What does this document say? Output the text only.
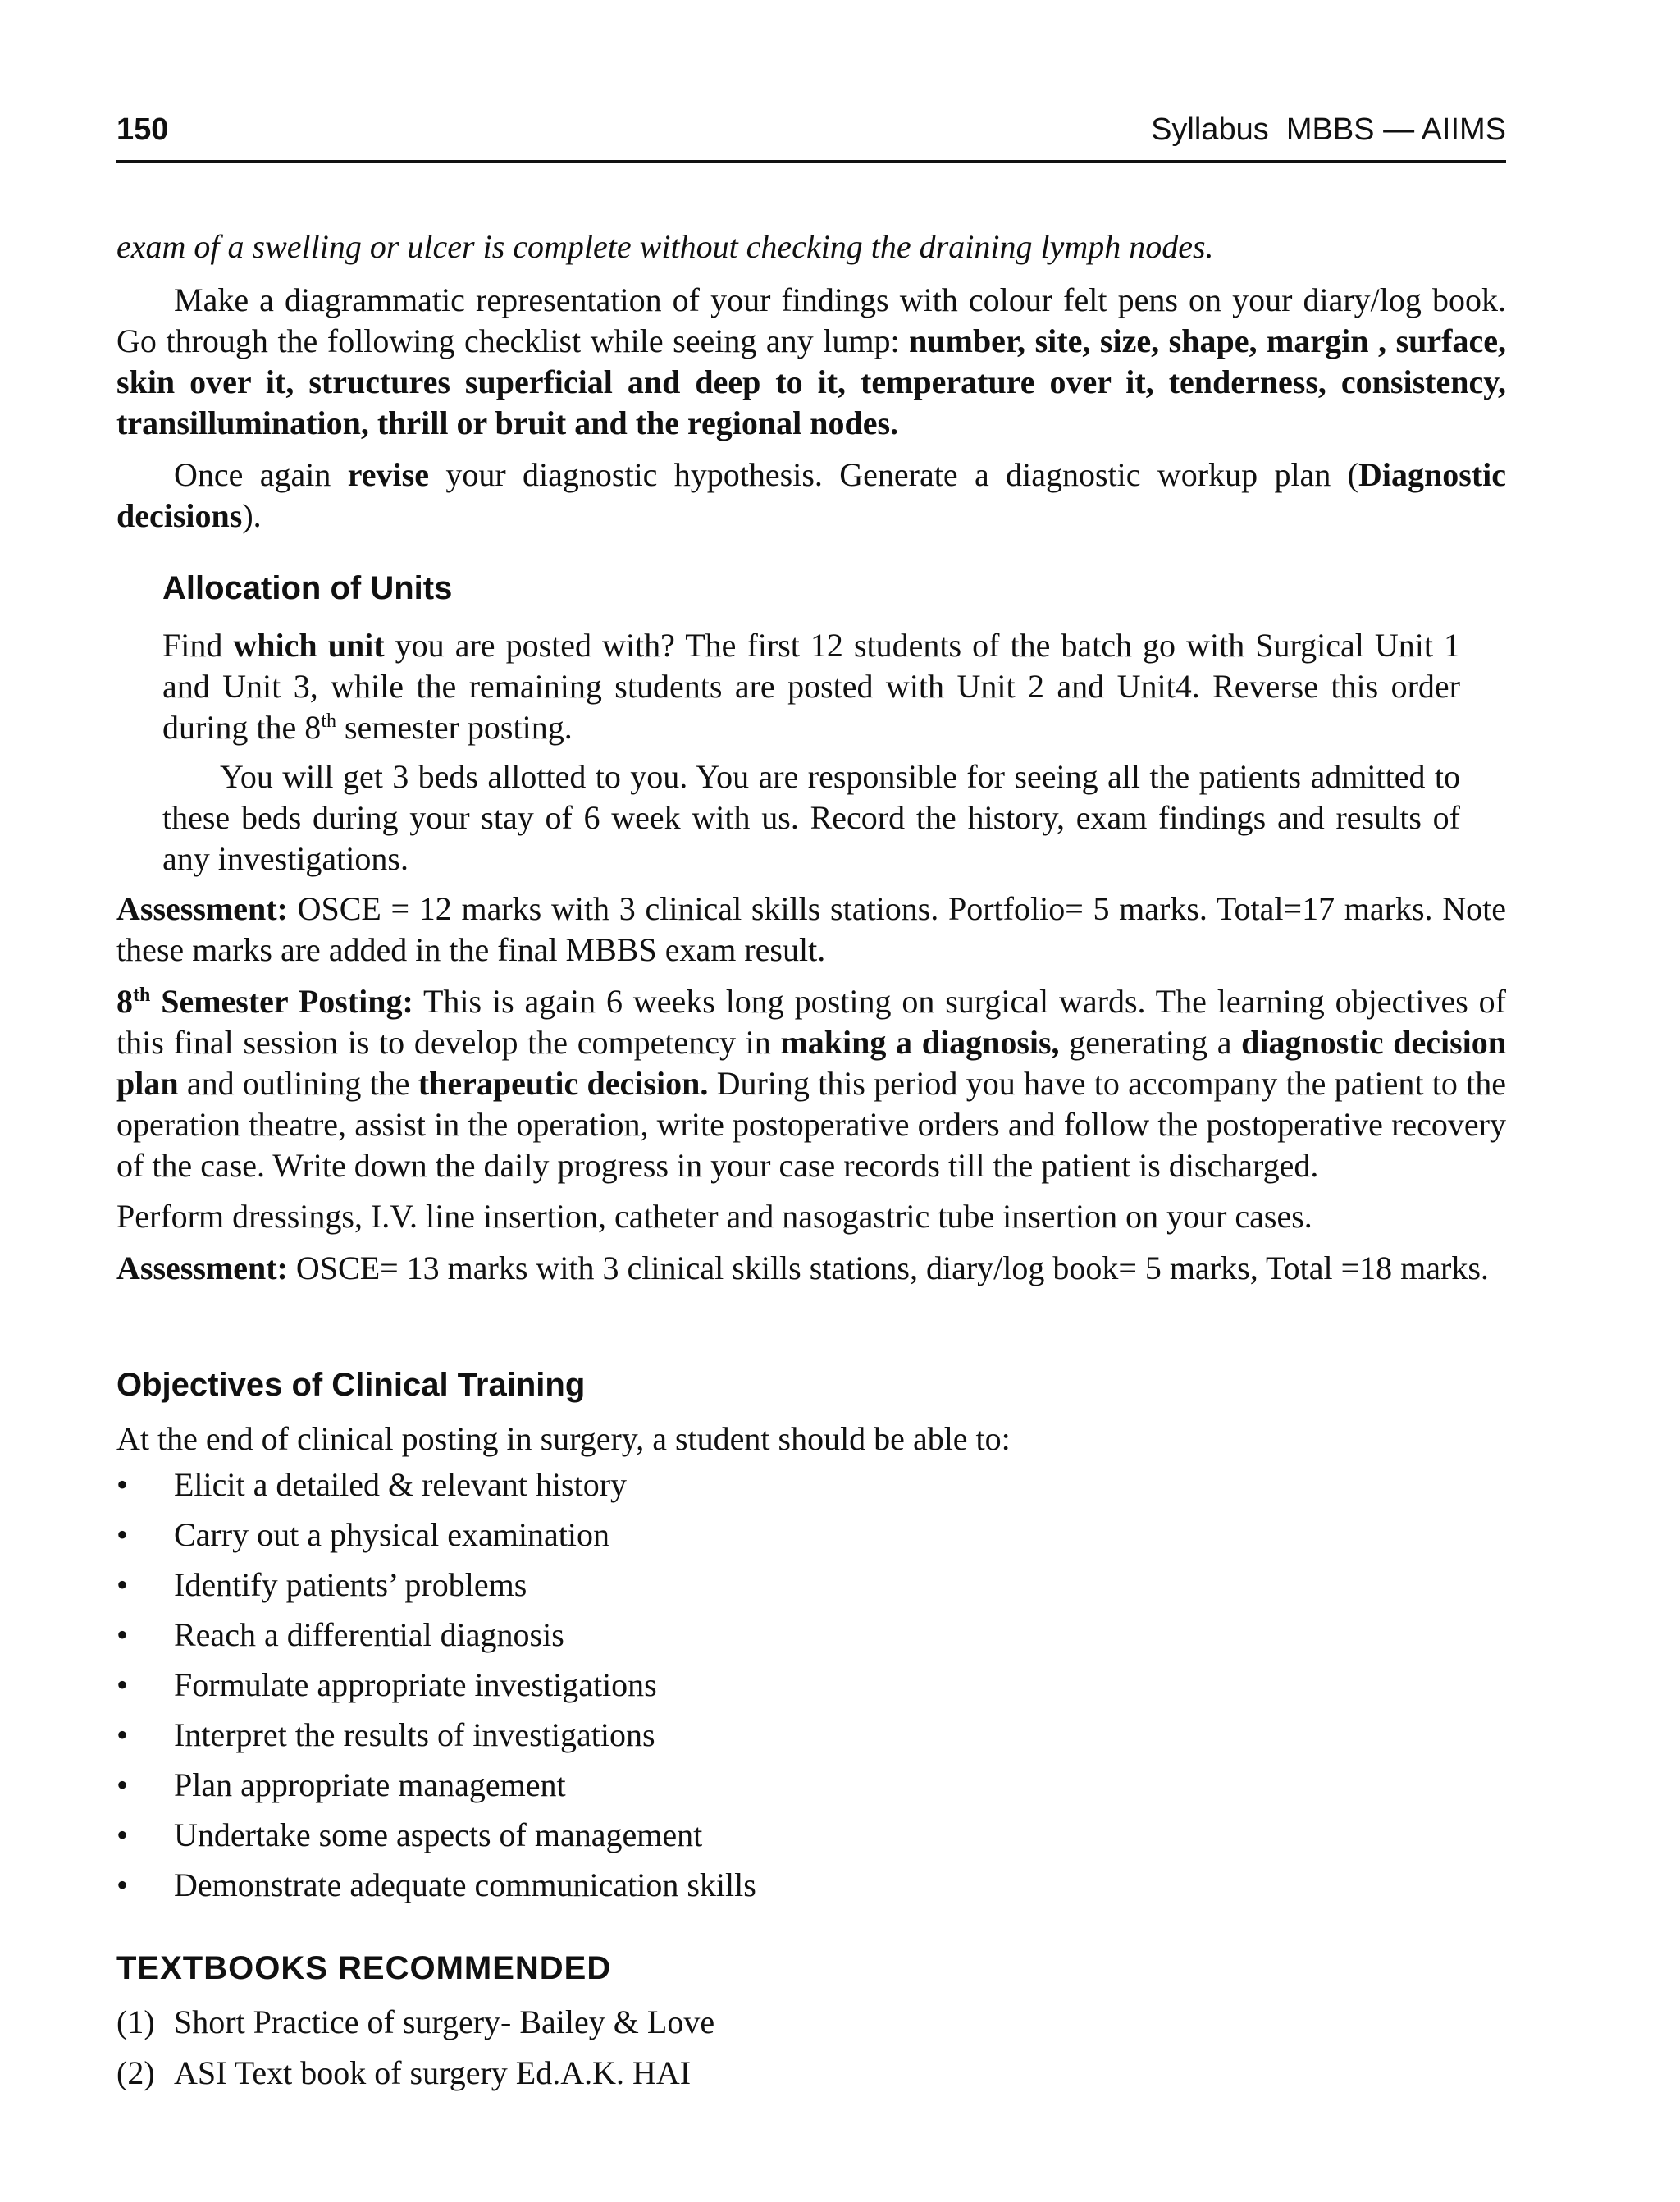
150	Syllabus  MBBS — AIIMS

exam of a swelling or ulcer is complete without checking the draining lymph nodes.

Make a diagrammatic representation of your findings with colour felt pens on your diary/log book. Go through the following checklist while seeing any lump: number, site, size, shape, margin , surface, skin over it, structures superficial and deep to it, temperature over it, tenderness, consistency, transillumination, thrill or bruit and the regional nodes.

Once again revise your diagnostic hypothesis. Generate a diagnostic workup plan (Diagnostic decisions).

Allocation of Units

Find which unit you are posted with? The first 12 students of the batch go with Surgical Unit 1 and Unit 3, while the remaining students are posted with Unit 2 and Unit4. Reverse this order during the 8th semester posting.

You will get 3 beds allotted to you. You are responsible for seeing all the patients admitted to these beds during your stay of 6 week with us. Record the history, exam findings and results of any investigations.

Assessment: OSCE = 12 marks with 3 clinical skills stations. Portfolio= 5 marks. Total=17 marks. Note these marks are added in the final MBBS exam result.

8th Semester Posting: This is again 6 weeks long posting on surgical wards. The learning objectives of this final session is to develop the competency in making a diagnosis, generating a diagnostic decision plan and outlining the therapeutic decision. During this period you have to accompany the patient to the operation theatre, assist in the operation, write postoperative orders and follow the postoperative recovery of the case. Write down the daily progress in your case records till the patient is discharged.

Perform dressings, I.V. line insertion, catheter and nasogastric tube insertion on your cases.

Assessment: OSCE= 13 marks with 3 clinical skills stations, diary/log book= 5 marks, Total =18 marks.

Objectives of Clinical Training

At the end of clinical posting in surgery, a student should be able to:

•	Elicit a detailed & relevant history
•	Carry out a physical examination
•	Identify patients’ problems
•	Reach a differential diagnosis
•	Formulate appropriate investigations
•	Interpret the results of investigations
•	Plan appropriate management
•	Undertake some aspects of management
•	Demonstrate adequate communication skills
TEXTBOOKS RECOMMENDED
(1) Short Practice of surgery- Bailey & Love
(2) ASI Text book of surgery Ed.A.K. HAI
